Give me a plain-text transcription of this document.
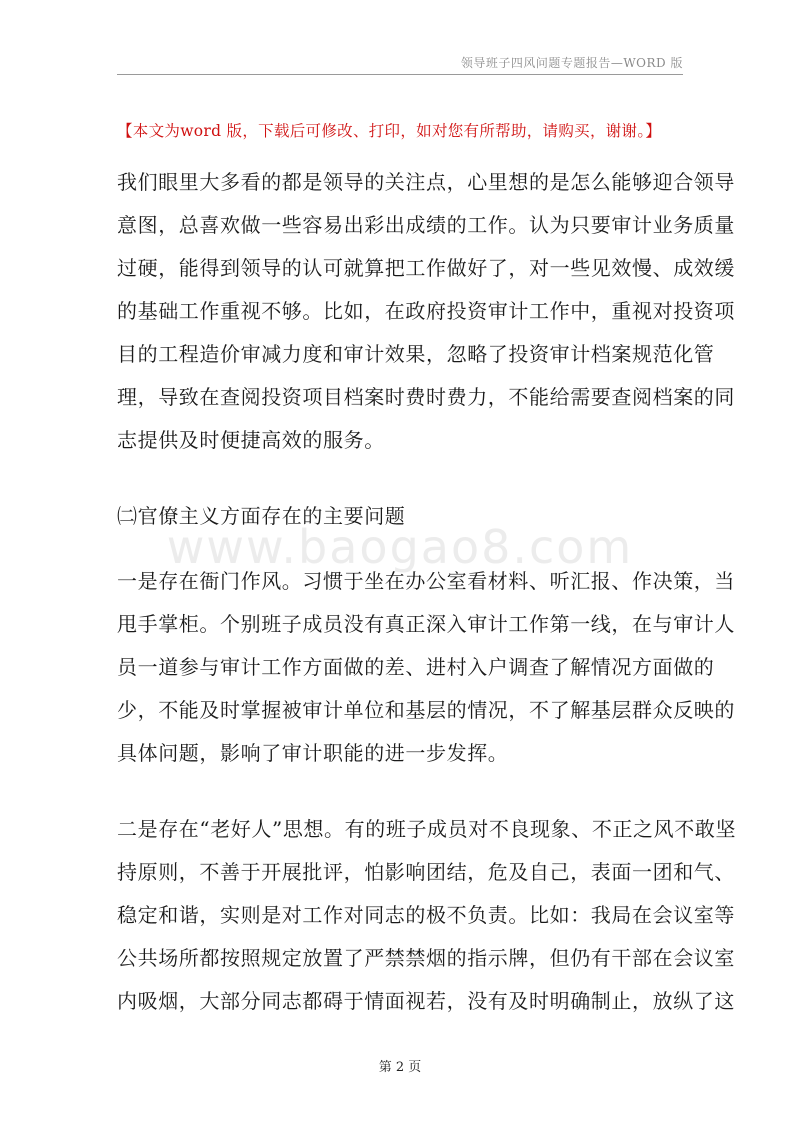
领导班子四风问题专题报告—WORD 版
【本文为word 版，下载后可修改、打印，如对您有所帮助，请购买，谢谢。】
我们眼里大多看的都是领导的关注点，心里想的是怎么能够迎合领导
意图，总喜欢做一些容易出彩出成绩的工作。认为只要审计业务质量
过硬，能得到领导的认可就算把工作做好了，对一些见效慢、成效缓
的基础工作重视不够。比如，在政府投资审计工作中，重视对投资项
目的工程造价审减力度和审计效果，忽略了投资审计档案规范化管
理，导致在查阅投资项目档案时费时费力，不能给需要查阅档案的同
志提供及时便捷高效的服务。
㈡官僚主义方面存在的主要问题
www.baogao8.com
一是存在衙门作风。习惯于坐在办公室看材料、听汇报、作决策，当
甩手掌柜。个别班子成员没有真正深入审计工作第一线，在与审计人
员一道参与审计工作方面做的差、进村入户调查了解情况方面做的
少，不能及时掌握被审计单位和基层的情况，不了解基层群众反映的
具体问题，影响了审计职能的进一步发挥。
二是存在“老好人”思想。有的班子成员对不良现象、不正之风不敢坚
持原则，不善于开展批评，怕影响团结，危及自己，表面一团和气、
稳定和谐，实则是对工作对同志的极不负责。比如：我局在会议室等
公共场所都按照规定放置了严禁禁烟的指示牌，但仍有干部在会议室
内吸烟，大部分同志都碍于情面视若，没有及时明确制止，放纵了这
第 2 页
